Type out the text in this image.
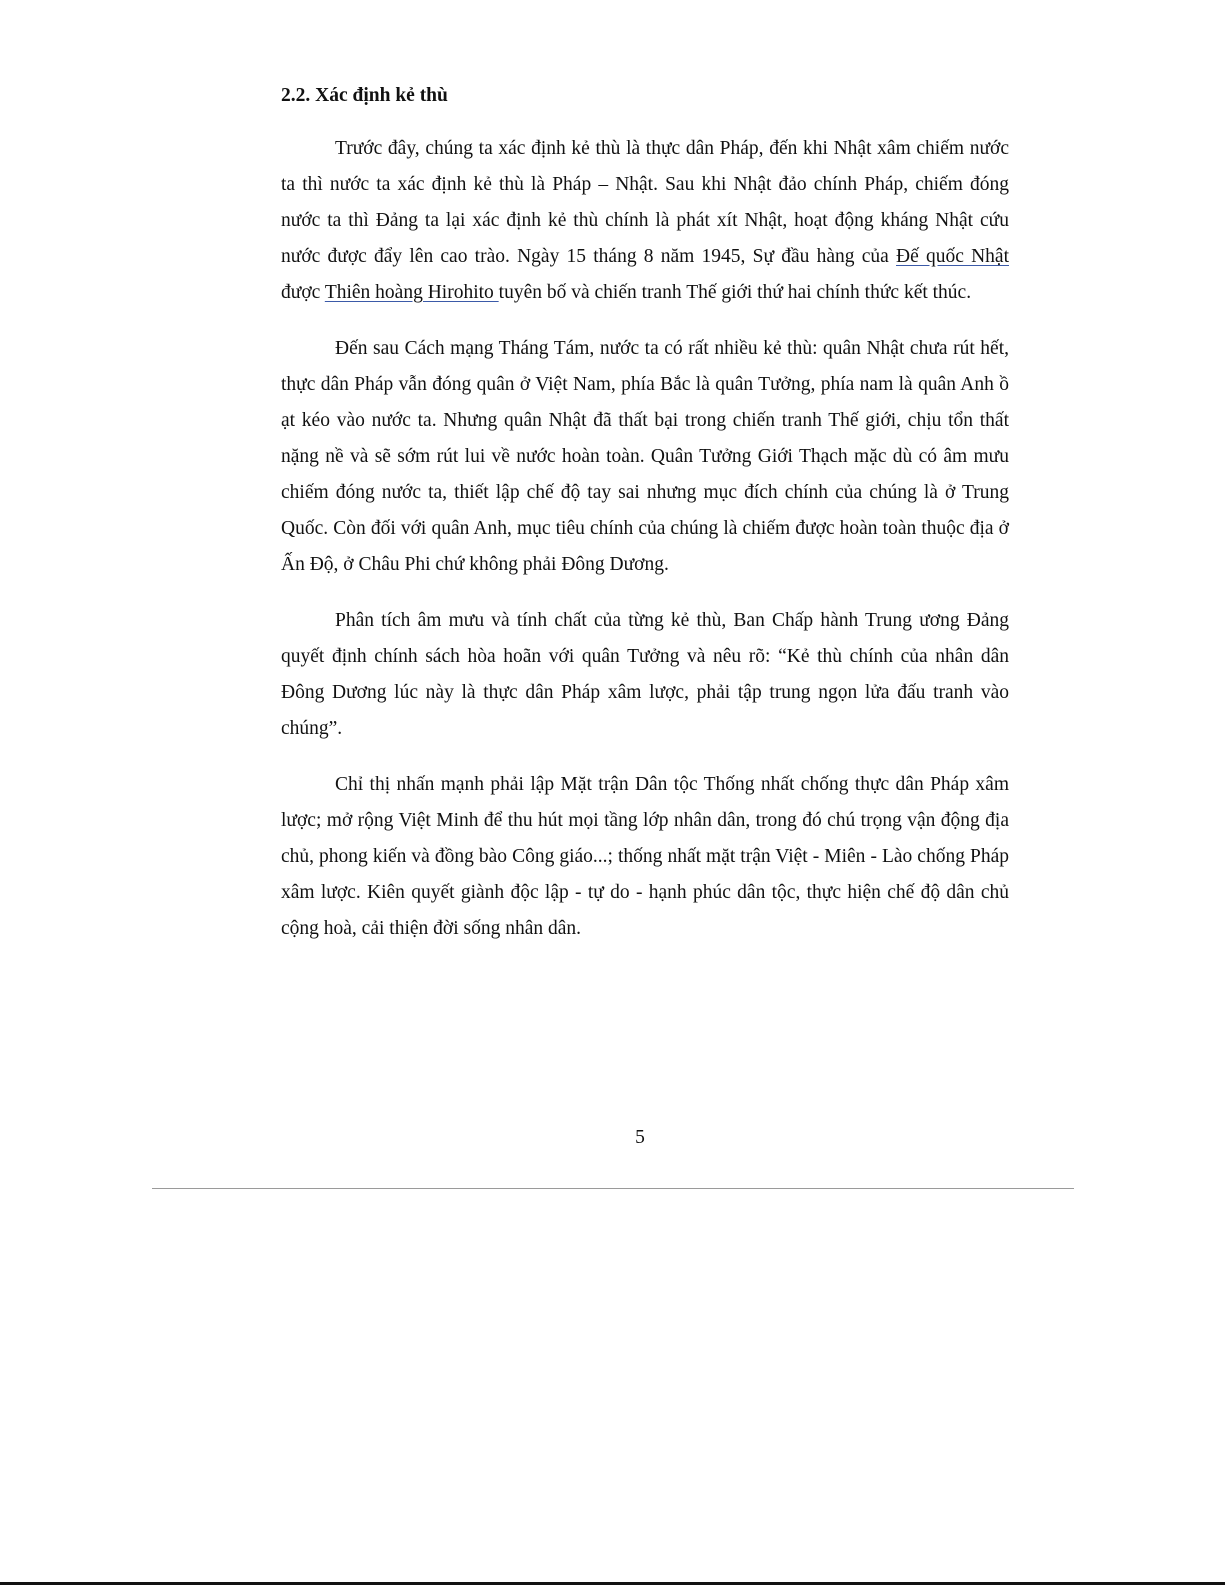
2.2. Xác định kẻ thù

Trước đây, chúng ta xác định kẻ thù là thực dân Pháp, đến khi Nhật xâm chiếm nước ta thì nước ta xác định kẻ thù là Pháp – Nhật. Sau khi Nhật đảo chính Pháp, chiếm đóng nước ta thì Đảng ta lại xác định kẻ thù chính là phát xít Nhật, hoạt động kháng Nhật cứu nước được đẩy lên cao trào. Ngày 15 tháng 8 năm 1945, Sự đầu hàng của Đế quốc Nhật được Thiên hoàng Hirohito tuyên bố và chiến tranh Thế giới thứ hai chính thức kết thúc.

Đến sau Cách mạng Tháng Tám, nước ta có rất nhiều kẻ thù: quân Nhật chưa rút hết, thực dân Pháp vẫn đóng quân ở Việt Nam, phía Bắc là quân Tưởng, phía nam là quân Anh ồ ạt kéo vào nước ta. Nhưng quân Nhật đã thất bại trong chiến tranh Thế giới, chịu tổn thất nặng nề và sẽ sớm rút lui về nước hoàn toàn. Quân Tưởng Giới Thạch mặc dù có âm mưu chiếm đóng nước ta, thiết lập chế độ tay sai nhưng mục đích chính của chúng là ở Trung Quốc. Còn đối với quân Anh, mục tiêu chính của chúng là chiếm được hoàn toàn thuộc địa ở Ấn Độ, ở Châu Phi chứ không phải Đông Dương.

Phân tích âm mưu và tính chất của từng kẻ thù, Ban Chấp hành Trung ương Đảng quyết định chính sách hòa hoãn với quân Tưởng và nêu rõ: “Kẻ thù chính của nhân dân Đông Dương lúc này là thực dân Pháp xâm lược, phải tập trung ngọn lửa đấu tranh vào chúng”.

Chỉ thị nhấn mạnh phải lập Mặt trận Dân tộc Thống nhất chống thực dân Pháp xâm lược; mở rộng Việt Minh để thu hút mọi tầng lớp nhân dân, trong đó chú trọng vận động địa chủ, phong kiến và đồng bào Công giáo...; thống nhất mặt trận Việt - Miên - Lào chống Pháp xâm lược. Kiên quyết giành độc lập - tự do - hạnh phúc dân tộc, thực hiện chế độ dân chủ cộng hoà, cải thiện đời sống nhân dân.

5
